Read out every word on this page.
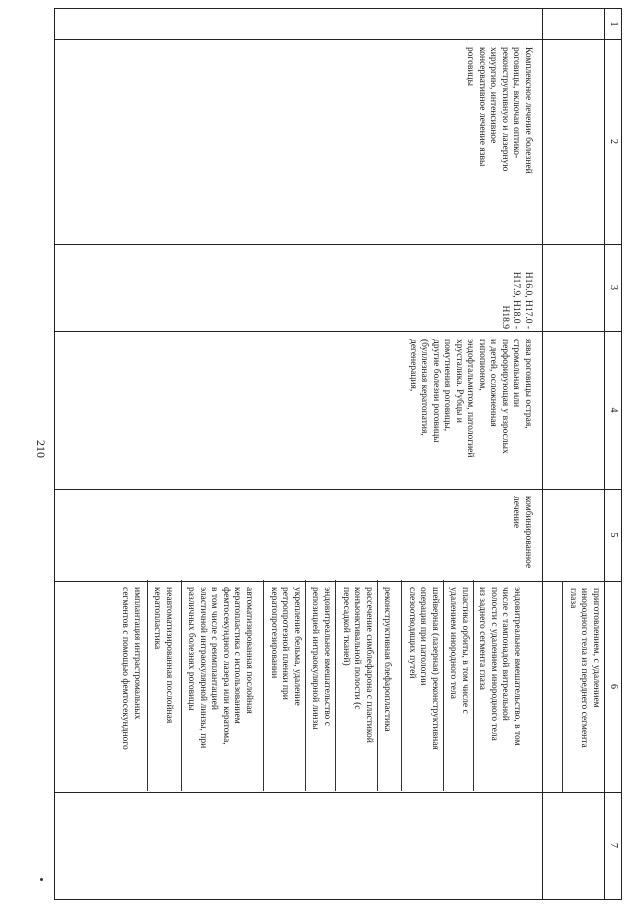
1
2
3
4
5
6
7
Комплексное лечение болезней
роговицы, включая оптико-
реконструктивную и лазерную
хирургию, интенсивное
консервативное лечение язвы
роговицы
H16.0, H17.0 -
H17.9, H18.0 -
H18.9
язва роговицы острая,
стромальная или
перфорирующая у взрослых
и детей, осложненная
гипопионом,
эндофтальмитом, патологией
хрусталика. Рубцы и
помутнения роговицы,
другие болезни роговицы
(буллезная кератопатия,
дегенерация,
комбинированное
лечение
приготовлением, с удалением
инородного тела из переднего сегмента
глаза
эндовитреальное вмешательство, в том
числе с тампонадой витреальной
полости с удалением инородного тела
из заднего сегмента глаза
пластика орбиты, в том числе с
удалением инородного тела
шейверная (лазерная) реконструктивная
операция при патологии
слезоотводящих путей
реконструктивная блефаропластика
рассечение симблефарона с пластикой
конъюнктивальной полости (с
пересадкой тканей)
эндовитреальное вмешательство с
репозицией интраокулярной линзы
укрепление бельма, удаление
ретропротезной пленки при
кератопротезировании
автоматизированная послойная
кератопластика с использованием
фемтосекундного лазера или кератома,
в том числе с реимплантацией
эластичной интраокулярной линзы, при
различных болезнях роговицы
неавтоматизированная послойная
кератопластика
имплантация интрастромальных
сегментов с помощью фемтосекундного
210
